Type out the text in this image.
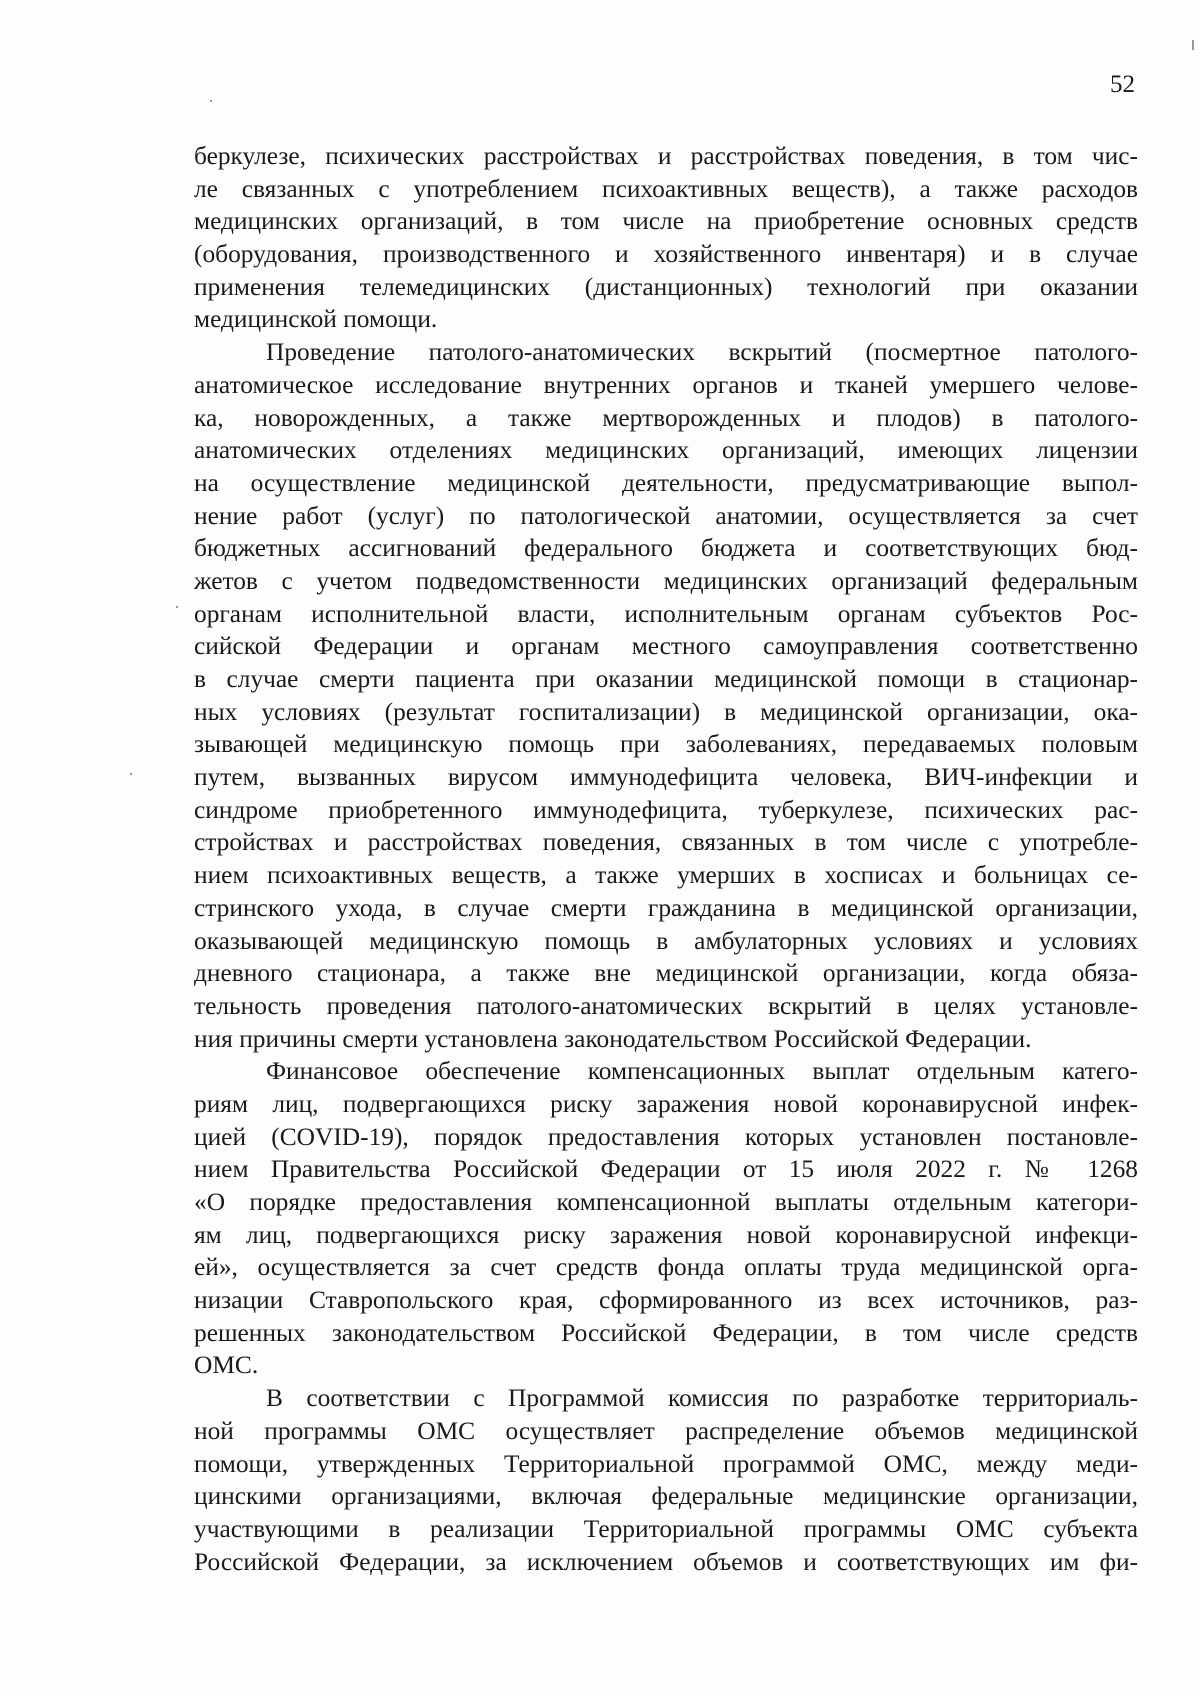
52
беркулезе, психических расстройствах и расстройствах поведения, в том чис-
ле связанных с употреблением психоактивных веществ), а также расходов
медицинских организаций, в том числе на приобретение основных средств
(оборудования, производственного и хозяйственного инвентаря) и в случае
применения телемедицинских (дистанционных) технологий при оказании
медицинской помощи.
Проведение патолого-анатомических вскрытий (посмертное патолого-
анатомическое исследование внутренних органов и тканей умершего челове-
ка, новорожденных, а также мертворожденных и плодов) в патолого-
анатомических отделениях медицинских организаций, имеющих лицензии
на осуществление медицинской деятельности, предусматривающие выпол-
нение работ (услуг) по патологической анатомии, осуществляется за счет
бюджетных ассигнований федерального бюджета и соответствующих бюд-
жетов с учетом подведомственности медицинских организаций федеральным
органам исполнительной власти, исполнительным органам субъектов Рос-
сийской Федерации и органам местного самоуправления соответственно
в случае смерти пациента при оказании медицинской помощи в стационар-
ных условиях (результат госпитализации) в медицинской организации, ока-
зывающей медицинскую помощь при заболеваниях, передаваемых половым
путем, вызванных вирусом иммунодефицита человека, ВИЧ-инфекции и
синдроме приобретенного иммунодефицита, туберкулезе, психических рас-
стройствах и расстройствах поведения, связанных в том числе с употребле-
нием психоактивных веществ, а также умерших в хосписах и больницах се-
стринского ухода, в случае смерти гражданина в медицинской организации,
оказывающей медицинскую помощь в амбулаторных условиях и условиях
дневного стационара, а также вне медицинской организации, когда обяза-
тельность проведения патолого-анатомических вскрытий в целях установле-
ния причины смерти установлена законодательством Российской Федерации.
Финансовое обеспечение компенсационных выплат отдельным катего-
риям лиц, подвергающихся риску заражения новой коронавирусной инфек-
цией (COVID-19), порядок предоставления которых установлен постановле-
нием Правительства Российской Федерации от 15 июля 2022 г. № 1268
«О порядке предоставления компенсационной выплаты отдельным категори-
ям лиц, подвергающихся риску заражения новой коронавирусной инфекци-
ей», осуществляется за счет средств фонда оплаты труда медицинской орга-
низации Ставропольского края, сформированного из всех источников, раз-
решенных законодательством Российской Федерации, в том числе средств
ОМС.
В соответствии с Программой комиссия по разработке территориаль-
ной программы ОМС осуществляет распределение объемов медицинской
помощи, утвержденных Территориальной программой ОМС, между меди-
цинскими организациями, включая федеральные медицинские организации,
участвующими в реализации Территориальной программы ОМС субъекта
Российской Федерации, за исключением объемов и соответствующих им фи-
